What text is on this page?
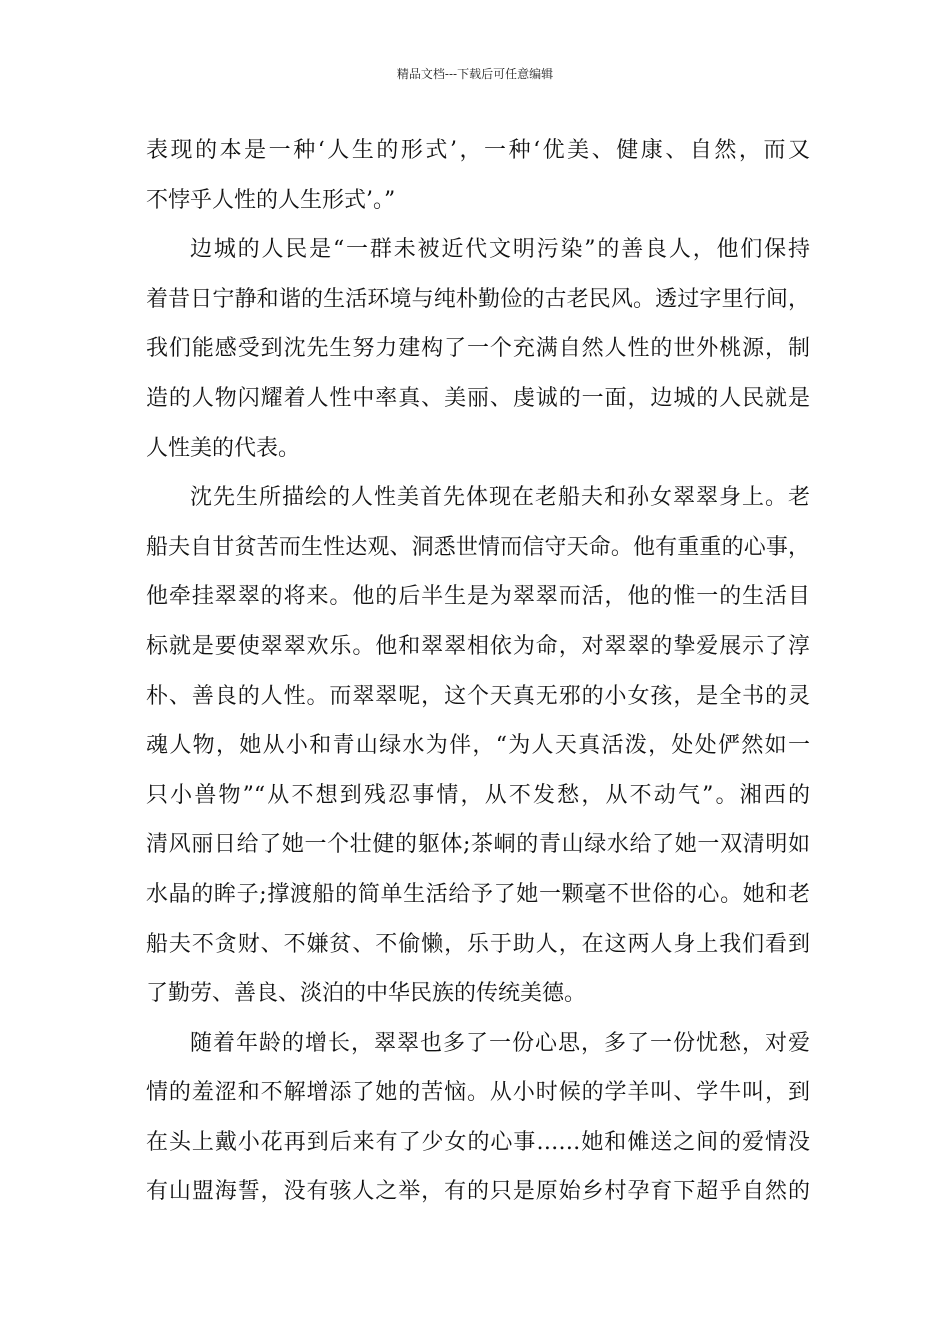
精品文档---下载后可任意编辑
表现的本是一种‘人生的形式’，一种‘优美、健康、自然，而又
不悖乎人性的人生形式’。”
边城的人民是“一群未被近代文明污染”的善良人，他们保持
着昔日宁静和谐的生活环境与纯朴勤俭的古老民风。透过字里行间，
我们能感受到沈先生努力建构了一个充满自然人性的世外桃源，制
造的人物闪耀着人性中率真、美丽、虔诚的一面，边城的人民就是
人性美的代表。
沈先生所描绘的人性美首先体现在老船夫和孙女翠翠身上。老
船夫自甘贫苦而生性达观、洞悉世情而信守天命。他有重重的心事，
他牵挂翠翠的将来。他的后半生是为翠翠而活，他的惟一的生活目
标就是要使翠翠欢乐。他和翠翠相依为命，对翠翠的挚爱展示了淳
朴、善良的人性。而翠翠呢，这个天真无邪的小女孩，是全书的灵
魂人物，她从小和青山绿水为伴，“为人天真活泼，处处俨然如一
只小兽物”“从不想到残忍事情，从不发愁，从不动气”。湘西的
清风丽日给了她一个壮健的躯体;茶峒的青山绿水给了她一双清明如
水晶的眸子;撑渡船的简单生活给予了她一颗毫不世俗的心。她和老
船夫不贪财、不嫌贫、不偷懒，乐于助人，在这两人身上我们看到
了勤劳、善良、淡泊的中华民族的传统美德。
随着年龄的增长，翠翠也多了一份心思，多了一份忧愁，对爱
情的羞涩和不解增添了她的苦恼。从小时候的学羊叫、学牛叫，到
在头上戴小花再到后来有了少女的心事……她和傩送之间的爱情没
有山盟海誓，没有骇人之举，有的只是原始乡村孕育下超乎自然的
